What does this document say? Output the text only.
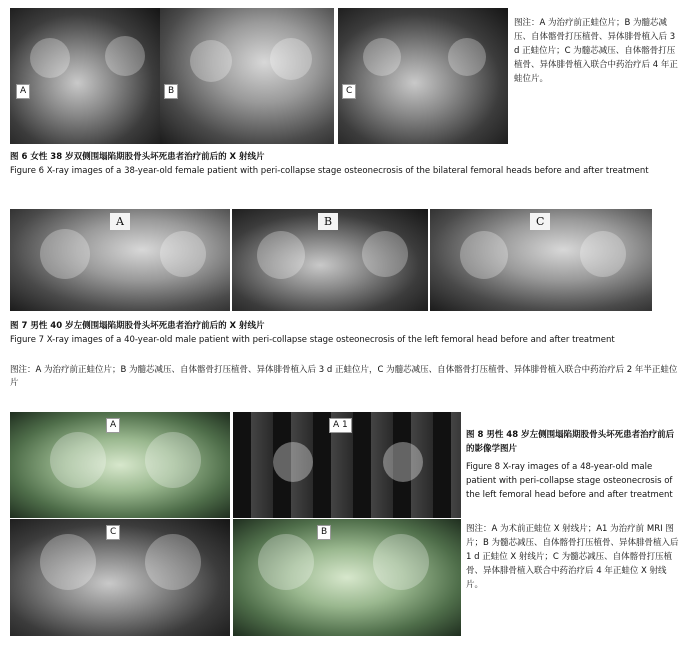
A	B	C
图注：A 为治疗前正蛙位片；B 为髓芯减压、自体髂骨打压植骨、异体腓骨植入后 3 d 正蛙位片；C 为髓芯减压、自体髂骨打压植骨、异体腓骨植入联合中药治疗后 4 年正蛙位片。
图 6 女性 38 岁双侧围塌陷期股骨头坏死患者治疗前后的 X 射线片
Figure 6 X-ray images of a 38-year-old female patient with peri-collapse stage osteonecrosis of the bilateral femoral heads before and after treatment
A	B	C
图 7 男性 40 岁左侧围塌陷期股骨头坏死患者治疗前后的 X 射线片
Figure 7 X-ray images of a 40-year-old male patient with peri-collapse stage osteonecrosis of the left femoral head before and after treatment
图注：A 为治疗前正蛙位片；B 为髓芯减压、自体髂骨打压植骨、异体腓骨植入后 3 d 正蛙位片，C 为髓芯减压、自体髂骨打压植骨、异体腓骨植入联合中药治疗后 2 年半正蛙位片
A	A 1
C	B
图 8 男性 48 岁左侧围塌陷期股骨头坏死患者治疗前后的影像学图片
Figure 8 X-ray images of a 48-year-old male patient with peri-collapse stage osteonecrosis of the left femoral head before and after treatment
图注：A 为术前正蛙位 X 射线片；A1 为治疗前 MRI 图片；B 为髓芯减压、自体髂骨打压植骨、异体腓骨植入后 1 d 正蛙位 X 射线片；C 为髓芯减压、自体髂骨打压植骨、异体腓骨植入联合中药治疗后 4 年正蛙位 X 射线片。
